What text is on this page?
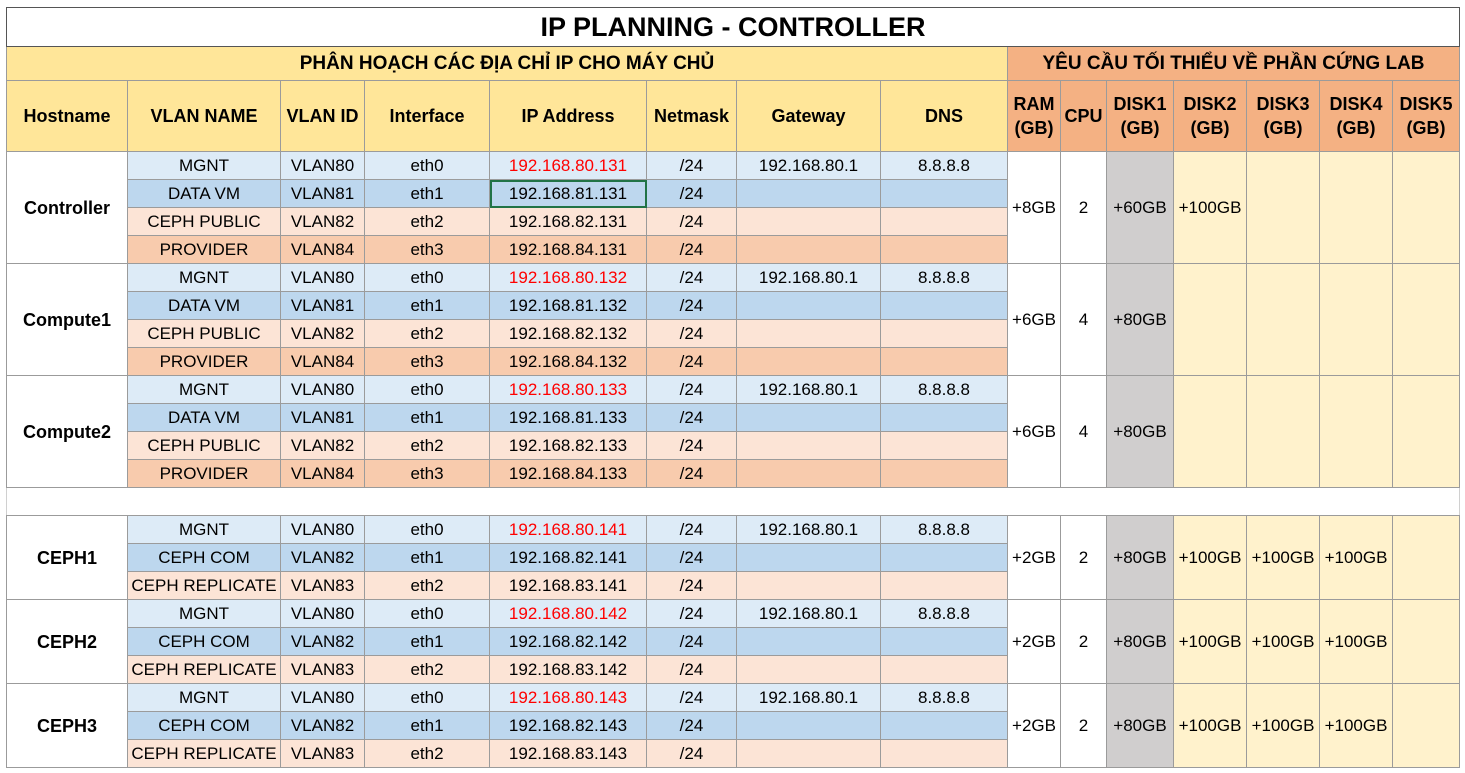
IP PLANNING - CONTROLLER														
PHÂN HOẠCH CÁC ĐỊA CHỈ IP CHO MÁY CHỦ								YÊU CẦU TỐI THIỂU VỀ PHẦN CỨNG LAB						
Hostname	VLAN NAME	VLAN ID	Interface	IP Address	Netmask	Gateway	DNS	RAM (GB)	CPU	DISK1 (GB)	DISK2 (GB)	DISK3 (GB)	DISK4 (GB)	DISK5 (GB)
Controller	MGNT	VLAN80	eth0	192.168.80.131	/24	192.168.80.1	8.8.8.8	+8GB	2	+60GB	+100GB			
	DATA VM	VLAN81	eth1	192.168.81.131	/24									
	CEPH PUBLIC	VLAN82	eth2	192.168.82.131	/24									
	PROVIDER	VLAN84	eth3	192.168.84.131	/24									
Compute1	MGNT	VLAN80	eth0	192.168.80.132	/24	192.168.80.1	8.8.8.8	+6GB	4	+80GB				
	DATA VM	VLAN81	eth1	192.168.81.132	/24									
	CEPH PUBLIC	VLAN82	eth2	192.168.82.132	/24									
	PROVIDER	VLAN84	eth3	192.168.84.132	/24									
Compute2	MGNT	VLAN80	eth0	192.168.80.133	/24	192.168.80.1	8.8.8.8	+6GB	4	+80GB				
	DATA VM	VLAN81	eth1	192.168.81.133	/24									
	CEPH PUBLIC	VLAN82	eth2	192.168.82.133	/24									
	PROVIDER	VLAN84	eth3	192.168.84.133	/24									

CEPH1	MGNT	VLAN80	eth0	192.168.80.141	/24	192.168.80.1	8.8.8.8	+2GB	2	+80GB	+100GB	+100GB	+100GB	
	CEPH COM	VLAN82	eth1	192.168.82.141	/24									
	CEPH REPLICATE	VLAN83	eth2	192.168.83.141	/24									
CEPH2	MGNT	VLAN80	eth0	192.168.80.142	/24	192.168.80.1	8.8.8.8	+2GB	2	+80GB	+100GB	+100GB	+100GB	
	CEPH COM	VLAN82	eth1	192.168.82.142	/24									
	CEPH REPLICATE	VLAN83	eth2	192.168.83.142	/24									
CEPH3	MGNT	VLAN80	eth0	192.168.80.143	/24	192.168.80.1	8.8.8.8	+2GB	2	+80GB	+100GB	+100GB	+100GB	
	CEPH COM	VLAN82	eth1	192.168.82.143	/24									
	CEPH REPLICATE	VLAN83	eth2	192.168.83.143	/24									
